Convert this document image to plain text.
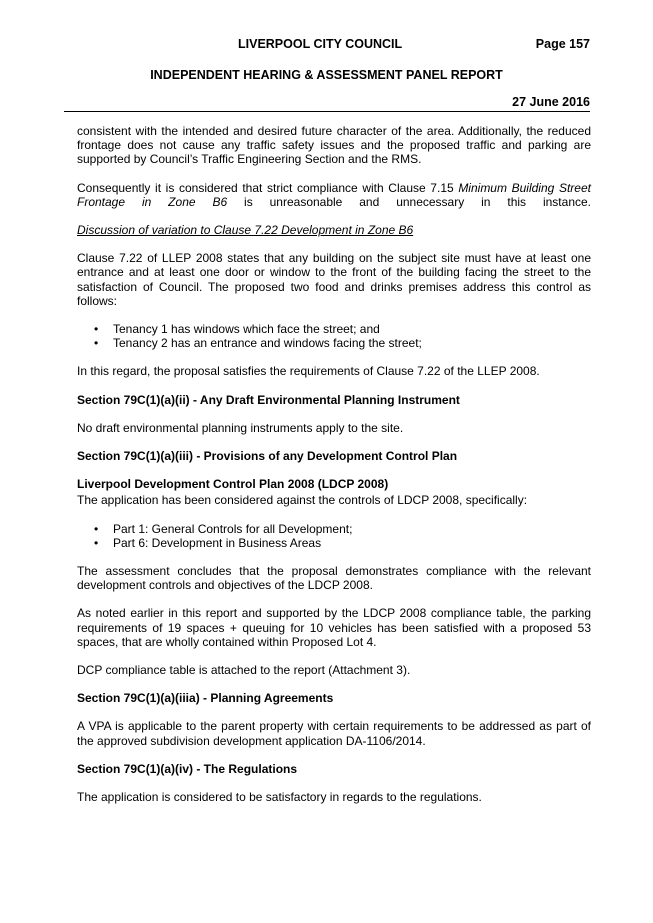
LIVERPOOL CITY COUNCIL	Page 157
INDEPENDENT HEARING & ASSESSMENT PANEL REPORT
27 June 2016

consistent with the intended and desired future character of the area. Additionally, the reduced frontage does not cause any traffic safety issues and the proposed traffic and parking are supported by Council’s Traffic Engineering Section and the RMS.

Consequently it is considered that strict compliance with Clause 7.15 Minimum Building Street Frontage in Zone B6 is unreasonable and unnecessary in this instance.

Discussion of variation to Clause 7.22 Development in Zone B6

Clause 7.22 of LLEP 2008 states that any building on the subject site must have at least one entrance and at least one door or window to the front of the building facing the street to the satisfaction of Council. The proposed two food and drinks premises address this control as follows:

• Tenancy 1 has windows which face the street; and
• Tenancy 2 has an entrance and windows facing the street;

In this regard, the proposal satisfies the requirements of Clause 7.22 of the LLEP 2008.

Section 79C(1)(a)(ii) - Any Draft Environmental Planning Instrument

No draft environmental planning instruments apply to the site.

Section 79C(1)(a)(iii) - Provisions of any Development Control Plan

Liverpool Development Control Plan 2008 (LDCP 2008)

The application has been considered against the controls of LDCP 2008, specifically:

• Part 1: General Controls for all Development;
• Part 6: Development in Business Areas

The assessment concludes that the proposal demonstrates compliance with the relevant development controls and objectives of the LDCP 2008.

As noted earlier in this report and supported by the LDCP 2008 compliance table, the parking requirements of 19 spaces + queuing for 10 vehicles has been satisfied with a proposed 53 spaces, that are wholly contained within Proposed Lot 4.

DCP compliance table is attached to the report (Attachment 3).

Section 79C(1)(a)(iiia) - Planning Agreements

A VPA is applicable to the parent property with certain requirements to be addressed as part of the approved subdivision development application DA-1106/2014.

Section 79C(1)(a)(iv) - The Regulations

The application is considered to be satisfactory in regards to the regulations.
